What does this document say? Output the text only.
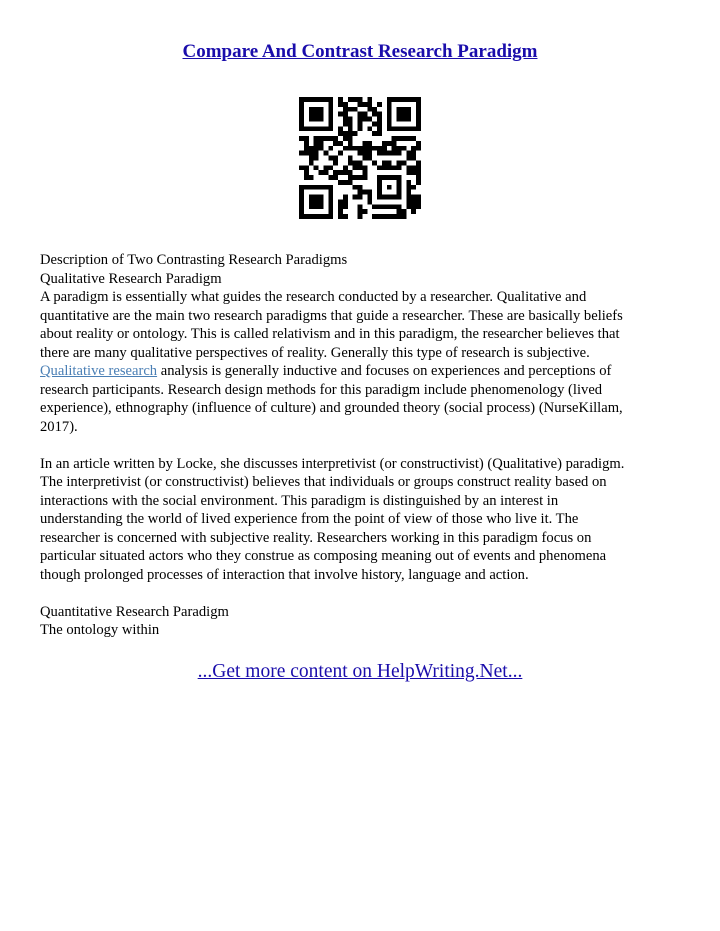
Compare And Contrast Research Paradigm
Description of Two Contrasting Research Paradigms
Qualitative Research Paradigm
A paradigm is essentially what guides the research conducted by a researcher. Qualitative and
quantitative are the main two research paradigms that guide a researcher. These are basically beliefs
about reality or ontology. This is called relativism and in this paradigm, the researcher believes that
there are many qualitative perspectives of reality. Generally this type of research is subjective.
Qualitative research analysis is generally inductive and focuses on experiences and perceptions of
research participants. Research design methods for this paradigm include phenomenology (lived
experience), ethnography (influence of culture) and grounded theory (social process) (NurseKillam,
2017).
In an article written by Locke, she discusses interpretivist (or constructivist) (Qualitative) paradigm.
The interpretivist (or constructivist) believes that individuals or groups construct reality based on
interactions with the social environment. This paradigm is distinguished by an interest in
understanding the world of lived experience from the point of view of those who live it. The
researcher is concerned with subjective reality. Researchers working in this paradigm focus on
particular situated actors who they construe as composing meaning out of events and phenomena
though prolonged processes of interaction that involve history, language and action.
Quantitative Research Paradigm
The ontology within
...Get more content on HelpWriting.Net...
